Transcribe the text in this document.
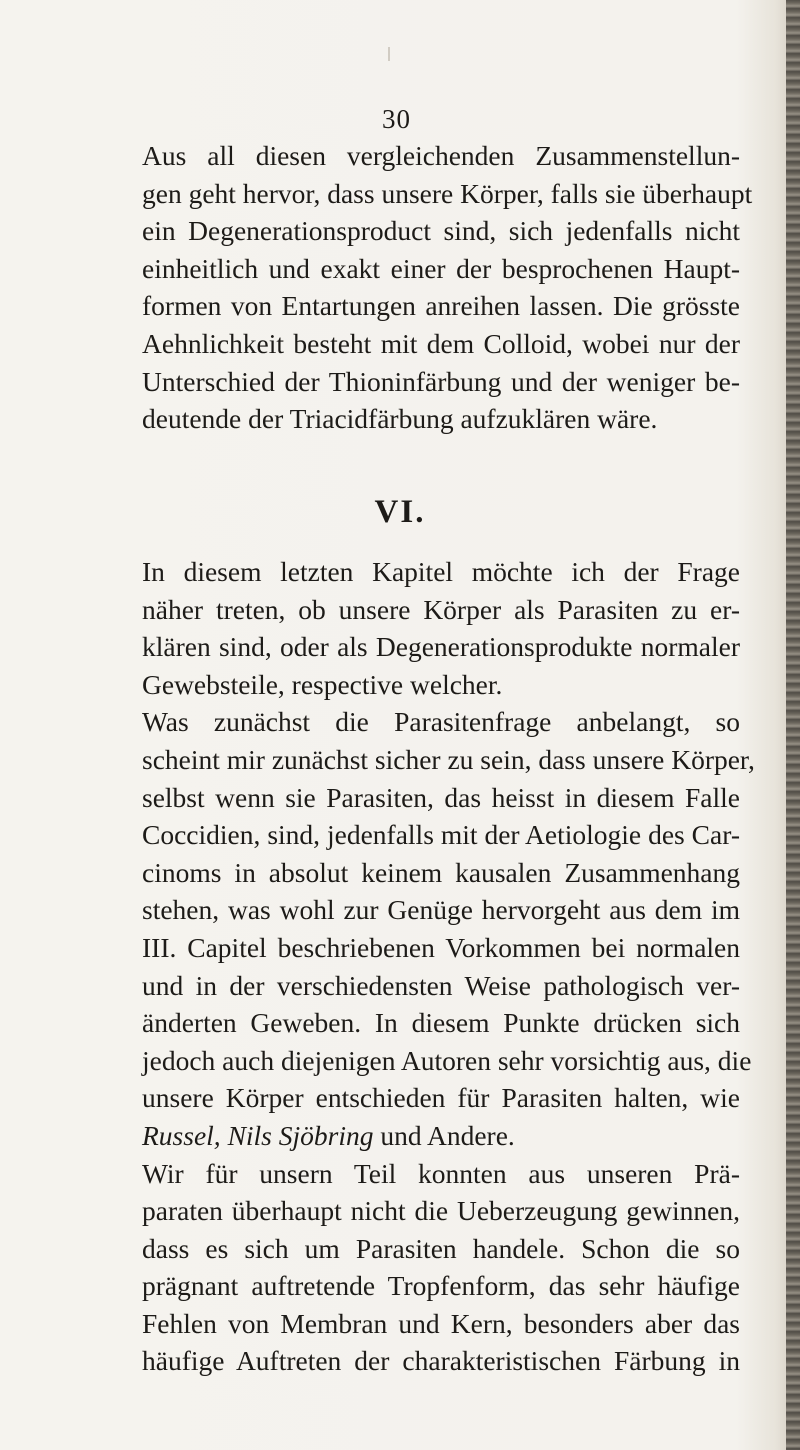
30

Aus all diesen vergleichenden Zusammenstellun-
gen geht hervor, dass unsere Körper, falls sie überhaupt
ein Degenerationsproduct sind, sich jedenfalls nicht
einheitlich und exakt einer der besprochenen Haupt-
formen von Entartungen anreihen lassen. Die grösste
Aehnlichkeit besteht mit dem Colloid, wobei nur der
Unterschied der Thioninfärbung und der weniger be-
deutende der Triacidfärbung aufzuklären wäre.

VI.

In diesem letzten Kapitel möchte ich der Frage
näher treten, ob unsere Körper als Parasiten zu er-
klären sind, oder als Degenerationsprodukte normaler
Gewebsteile, respective welcher.

Was zunächst die Parasitenfrage anbelangt, so
scheint mir zunächst sicher zu sein, dass unsere Körper,
selbst wenn sie Parasiten, das heisst in diesem Falle
Coccidien, sind, jedenfalls mit der Aetiologie des Car-
cinoms in absolut keinem kausalen Zusammenhang
stehen, was wohl zur Genüge hervorgeht aus dem im
III. Capitel beschriebenen Vorkommen bei normalen
und in der verschiedensten Weise pathologisch ver-
änderten Geweben. In diesem Punkte drücken sich
jedoch auch diejenigen Autoren sehr vorsichtig aus, die
unsere Körper entschieden für Parasiten halten, wie
Russel, Nils Sjöbring und Andere.

Wir für unsern Teil konnten aus unseren Prä-
paraten überhaupt nicht die Ueberzeugung gewinnen,
dass es sich um Parasiten handele. Schon die so
prägnant auftretende Tropfenform, das sehr häufige
Fehlen von Membran und Kern, besonders aber das
häufige Auftreten der charakteristischen Färbung in
